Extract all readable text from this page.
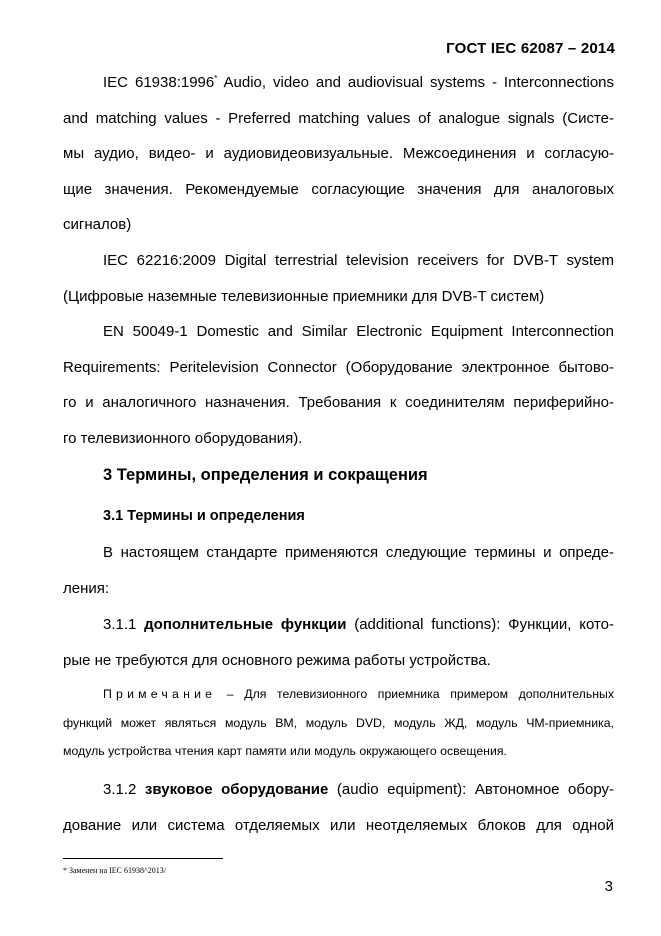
ГОСТ IEC 62087 – 2014
IEC 61938:1996* Audio, video and audiovisual systems - Interconnections
and matching values - Preferred matching values of analogue signals (Систе-
мы аудио, видео- и аудиовидеовизуальные. Межсоединения и согласую-
щие значения. Рекомендуемые согласующие значения для аналоговых
сигналов)
IEC 62216:2009 Digital terrestrial television receivers for DVB-T system
(Цифровые наземные телевизионные приемники для DVB-T систем)
EN 50049-1 Domestic and Similar Electronic Equipment Interconnection
Requirements: Peritelevision Connector (Оборудование электронное бытово-
го и аналогичного назначения. Требования к соединителям периферийно-
го телевизионного оборудования).
3 Термины, определения и сокращения
3.1 Термины и определения
В настоящем стандарте применяются следующие термины и опреде-
ления:
3.1.1 дополнительные функции (additional functions): Функции, кото-
рые не требуются для основного режима работы устройства.
Примечание – Для телевизионного приемника примером дополнительных
функций может являться модуль ВМ, модуль DVD, модуль ЖД, модуль ЧМ-приемника,
модуль устройства чтения карт памяти или модуль окружающего освещения.
3.1.2 звуковое оборудование (audio equipment): Автономное обору-
дование или система отделяемых или неотделяемых блоков для одной
* Заменен на IEC 61938^2013/
3
